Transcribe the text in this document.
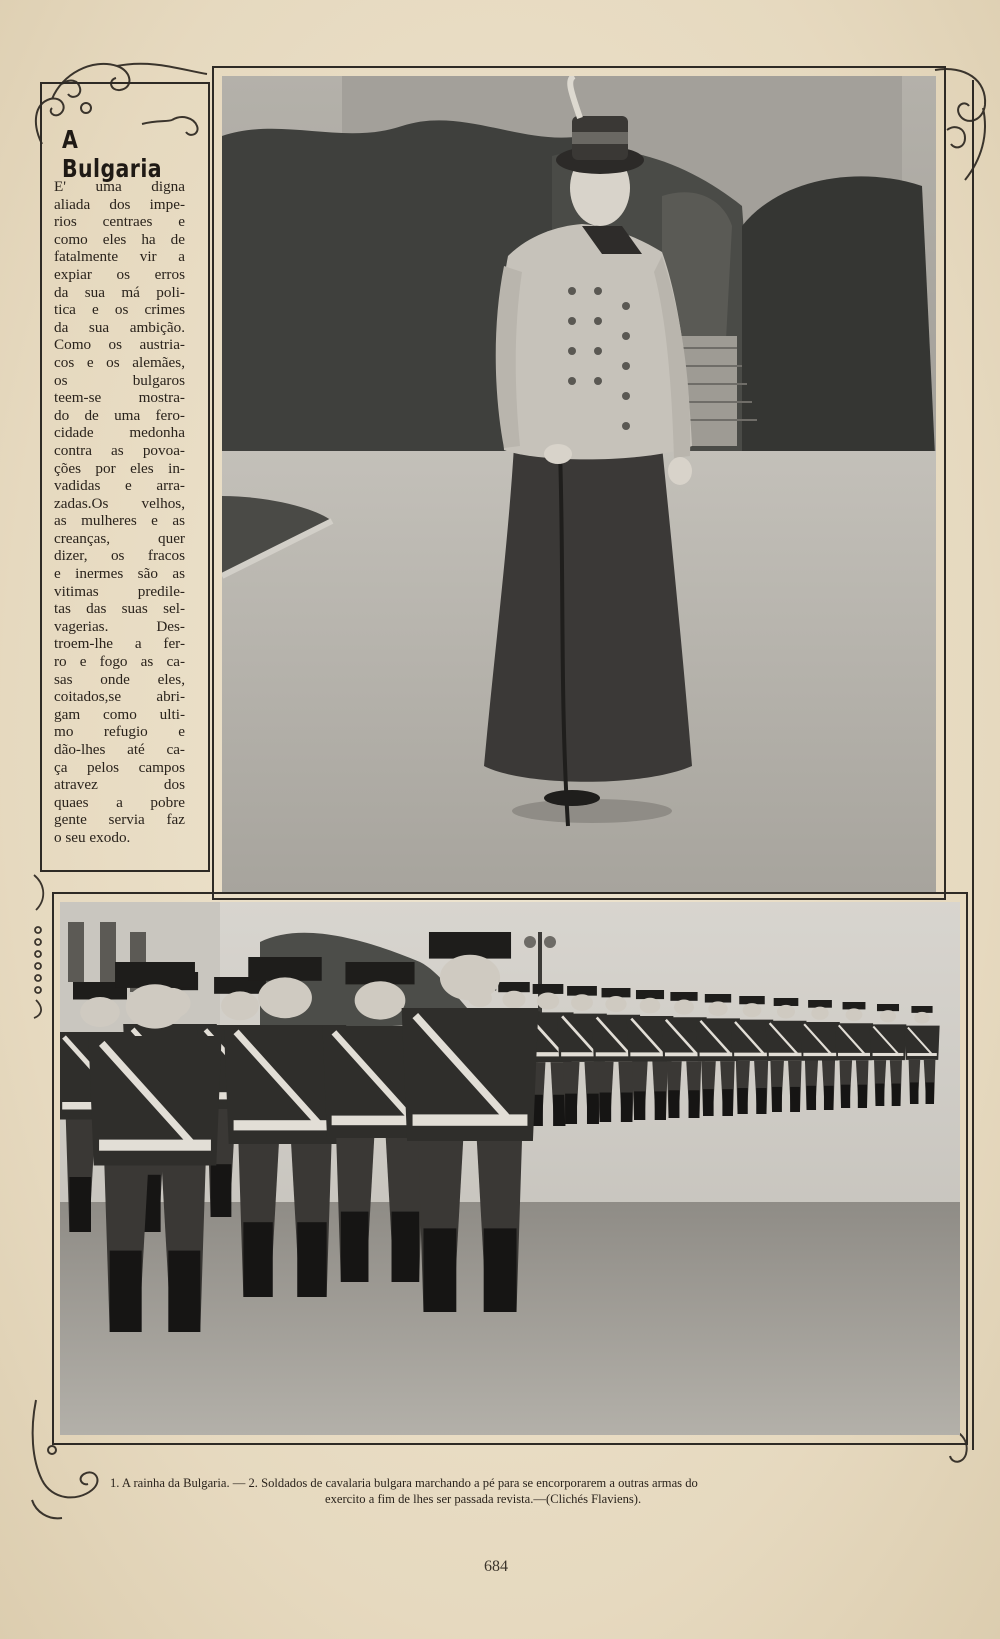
A Bulgaria
E' uma digna
aliada dos impe-
rios centraes e
como eles ha de
fatalmente vir a
expiar os erros
da sua má poli-
tica e os crimes
da sua ambição.
Como os austria-
cos e os alemães,
os bulgaros
teem-se mostra-
do de uma fero-
cidade medonha
contra as povoa-
ções por eles in-
vadidas e arra-
zadas.Os velhos,
as mulheres e as
creanças, quer
dizer, os fracos
e inermes são as
vitimas predile-
tas das suas sel-
vagerias. Des-
troem-lhe a fer-
ro e fogo as ca-
sas onde eles,
coitados,se abri-
gam como ulti-
mo refugio e
dão-lhes até ca-
ça pelos campos
atravez dos
quaes a pobre
gente servia faz
o seu exodo.
1. A rainha da Bulgaria. — 2. Soldados de cavalaria bulgara marchando a pé para se encorporarem a outras armas do
exercito a fim de lhes ser passada revista.—(Clichés Flaviens).
684
